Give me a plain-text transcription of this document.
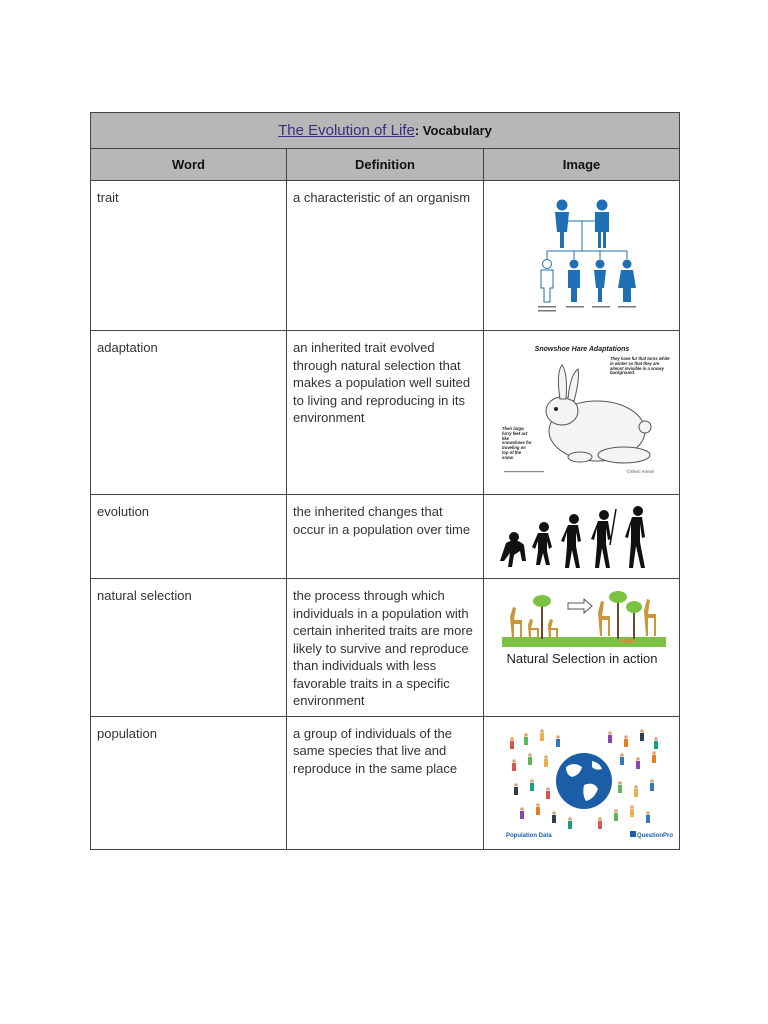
The Evolution of Life: Vocabulary		
Word	Definition	Image

trait	a characteristic of an organism

adaptation	an inherited trait evolved through natural selection that makes a population well suited to living and reproducing in its environment	Snowshoe Hare Adaptations
They have fur that turns white in winter so that they are almost invisible in a snowy background.
Their large, furry feet act like snowshoes for traveling on top of the snow.
©Sheri Amsel

evolution	the inherited changes that occur in a population over time

natural selection	the process through which individuals in a population with certain inherited traits are more likely to survive and reproduce than individuals with less favorable traits in a specific environment	Natural Selection in action

population	a group of individuals of the same species that live and reproduce in the same place	Population Data QuestionPro
